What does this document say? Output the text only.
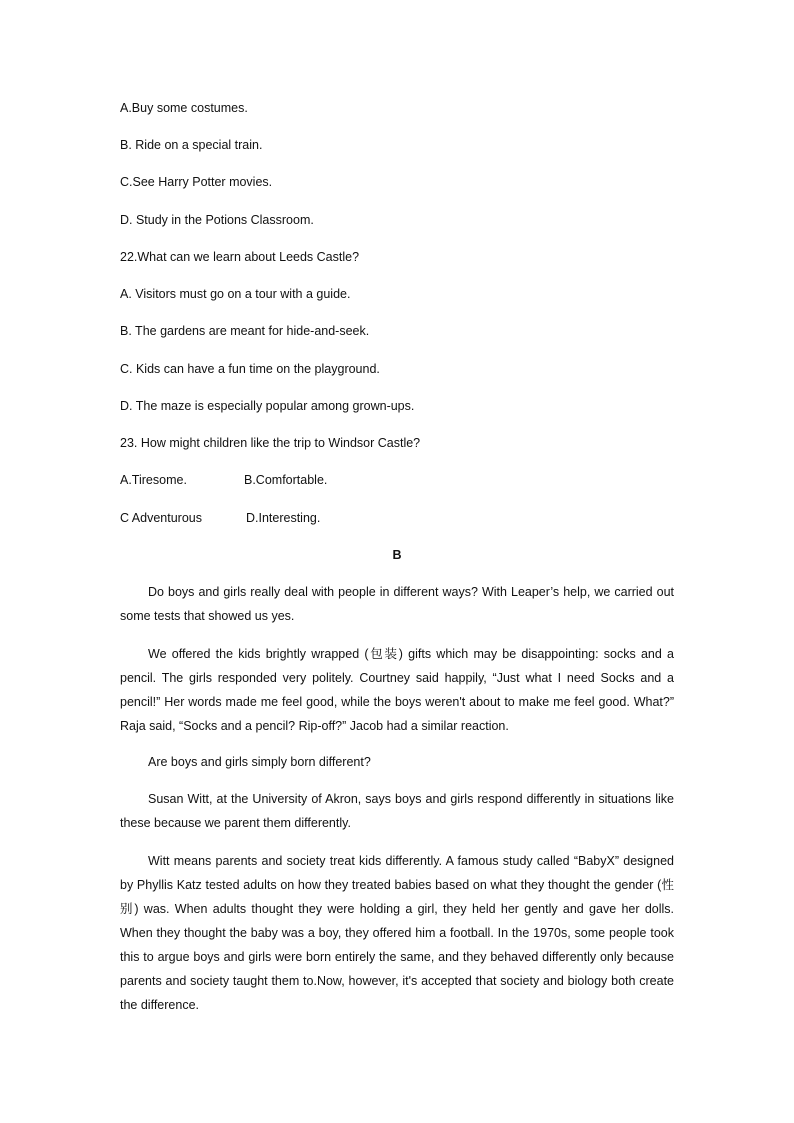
A.Buy some costumes.
B. Ride on a special train.
C.See Harry Potter movies.
D. Study in the Potions Classroom.
22.What can we learn about Leeds Castle?
A. Visitors must go on a tour with a guide.
B. The gardens are meant for hide-and-seek.
C. Kids can have a fun time on the playground.
D. The maze is especially popular among grown-ups.
23. How might children like the trip to Windsor Castle?
A.Tiresome.	B.Comfortable.
C Adventurous	D.Interesting.
B

Do boys and girls really deal with people in different ways? With Leaper’s help, we carried out some tests that showed us yes.

We offered the kids brightly wrapped (包装) gifts which may be disappointing: socks and a pencil. The girls responded very politely. Courtney said happily, “Just what I need Socks and a pencil!” Her words made me feel good, while the boys weren't about to make me feel good. What?” Raja said, “Socks and a pencil? Rip-off?” Jacob had a similar reaction.

Are boys and girls simply born different?

Susan Witt, at the University of Akron, says boys and girls respond differently in situations like these because we parent them differently.

Witt means parents and society treat kids differently. A famous study called “BabyX” designed by Phyllis Katz tested adults on how they treated babies based on what they thought the gender (性别) was. When adults thought they were holding a girl, they held her gently and gave her dolls. When they thought the baby was a boy, they offered him a football. In the 1970s, some people took this to argue boys and girls were born entirely the same, and they behaved differently only because parents and society taught them to.Now, however, it's accepted that society and biology both create the difference.
